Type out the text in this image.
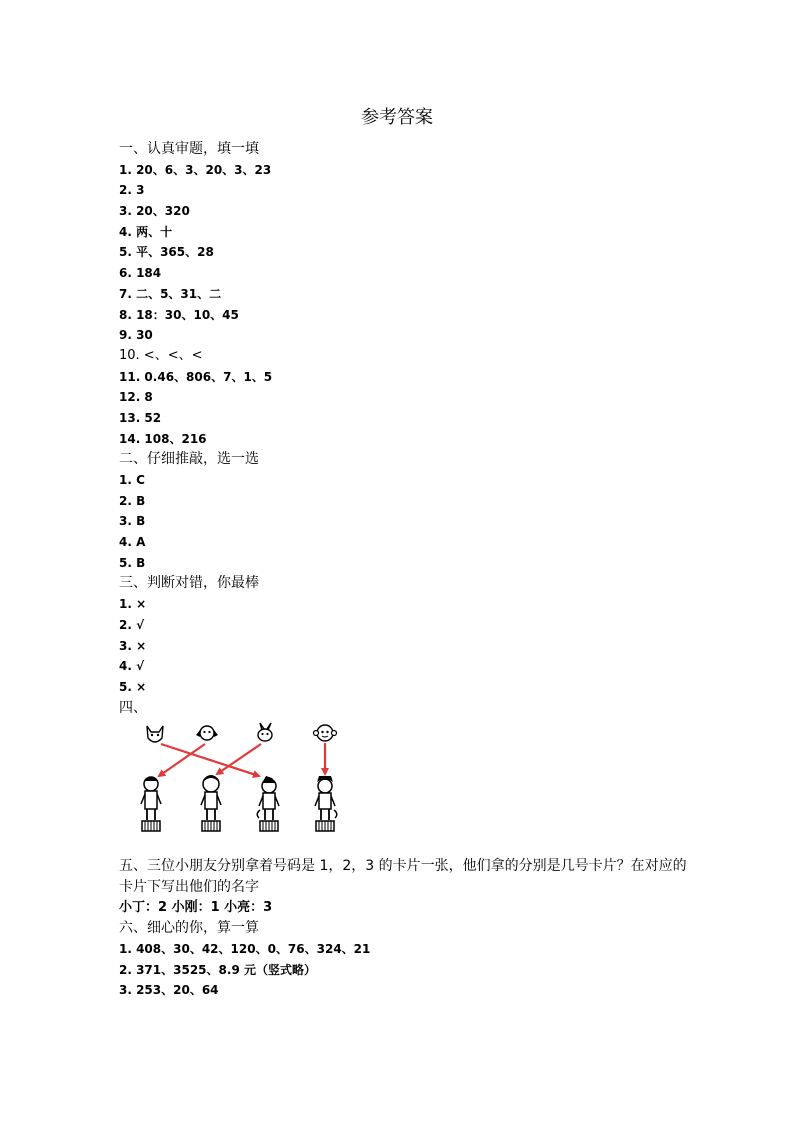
参考答案
一、认真审题，填一填
1. 20、6、3、20、3、23
2. 3
3. 20、320
4. 两、十
5. 平、365、28
6. 184
7. 二、5、31、二
8. 18：30、10、45
9. 30
10. <、<、<
11. 0.46、806、7、1、5
12. 8
13. 52
14. 108、216
二、仔细推敲，选一选
1. C
2. B
3. B
4. A
5. B
三、判断对错，你最棒
1. ×
2. √
3. ×
4. √
5. ×
四、
五、三位小朋友分别拿着号码是 1，2，3 的卡片一张，他们拿的分别是几号卡片？在对应的卡片下写出他们的名字
小丁：2 小刚：1 小亮：3
六、细心的你，算一算
1. 408、30、42、120、0、76、324、21
2. 371、3525、8.9 元（竖式略）
3. 253、20、64
